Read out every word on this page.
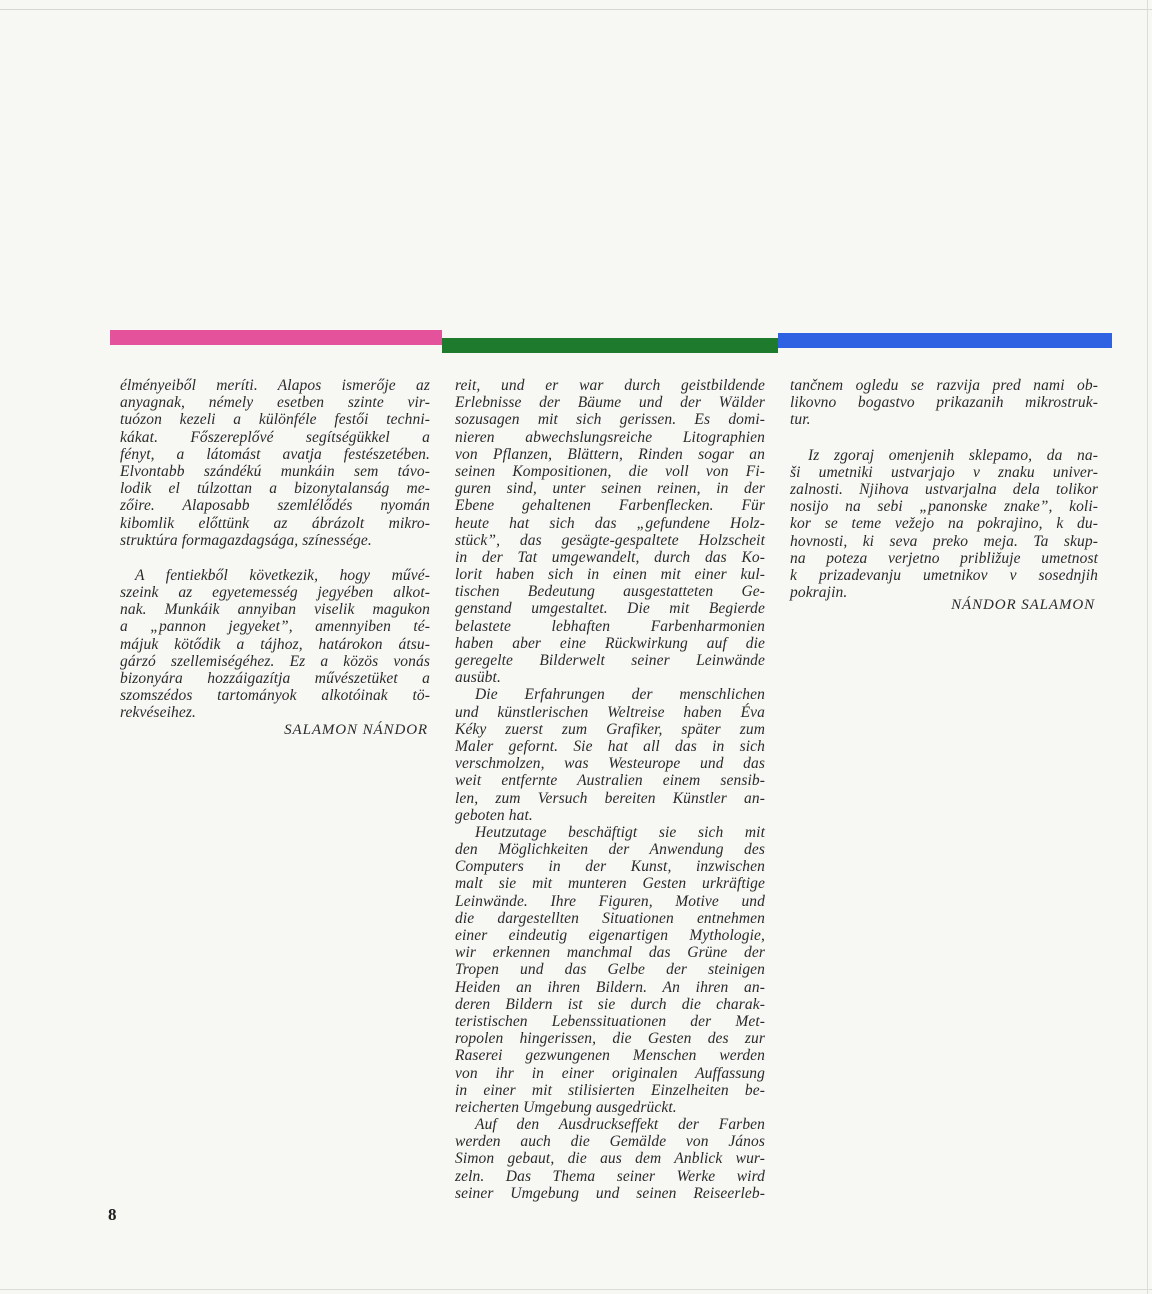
élményeiből meríti. Alapos ismerője az
anyagnak, némely esetben szinte vir-
tuózon kezeli a különféle festői techni-
kákat. Főszereplővé segítségükkel a
fényt, a látomást avatja festészetében.
Elvontabb szándékú munkáin sem távo-
lodik el túlzottan a bizonytalanság me-
zőire. Alaposabb szemlélődés nyomán
kibomlik előttünk az ábrázolt mikro-
struktúra formagazdagsága, színessége.
A fentiekből következik, hogy művé-
szeink az egyetemesség jegyében alkot-
nak. Munkáik annyiban viselik magukon
a „pannon jegyeket”, amennyiben té-
májuk kötődik a tájhoz, határokon átsu-
gárzó szellemiségéhez. Ez a közös vonás
bizonyára hozzáigazítja művészetüket a
szomszédos tartományok alkotóinak tö-
rekvéseihez.
SALAMON NÁNDOR
reit, und er war durch geistbildende
Erlebnisse der Bäume und der Wälder
sozusagen mit sich gerissen. Es domi-
nieren abwechslungsreiche Litographien
von Pflanzen, Blättern, Rinden sogar an
seinen Kompositionen, die voll von Fi-
guren sind, unter seinen reinen, in der
Ebene gehaltenen Farbenflecken. Für
heute hat sich das „gefundene Holz-
stück”, das gesägte-gespaltete Holzscheit
in der Tat umgewandelt, durch das Ko-
lorit haben sich in einen mit einer kul-
tischen Bedeutung ausgestatteten Ge-
genstand umgestaltet. Die mit Begierde
belastete lebhaften Farbenharmonien
haben aber eine Rückwirkung auf die
geregelte Bilderwelt seiner Leinwände
ausübt.
Die Erfahrungen der menschlichen
und künstlerischen Weltreise haben Éva
Kéky zuerst zum Grafiker, später zum
Maler gefornt. Sie hat all das in sich
verschmolzen, was Westeurope und das
weit entfernte Australien einem sensib-
len, zum Versuch bereiten Künstler an-
geboten hat.
Heutzutage beschäftigt sie sich mit
den Möglichkeiten der Anwendung des
Computers in der Kunst, inzwischen
malt sie mit munteren Gesten urkräftige
Leinwände. Ihre Figuren, Motive und
die dargestellten Situationen entnehmen
einer eindeutig eigenartigen Mythologie,
wir erkennen manchmal das Grüne der
Tropen und das Gelbe der steinigen
Heiden an ihren Bildern. An ihren an-
deren Bildern ist sie durch die charak-
teristischen Lebenssituationen der Met-
ropolen hingerissen, die Gesten des zur
Raserei gezwungenen Menschen werden
von ihr in einer originalen Auffassung
in einer mit stilisierten Einzelheiten be-
reicherten Umgebung ausgedrückt.
Auf den Ausdruckseffekt der Farben
werden auch die Gemälde von János
Simon gebaut, die aus dem Anblick wur-
zeln. Das Thema seiner Werke wird
seiner Umgebung und seinen Reiseerleb-
tančnem ogledu se razvija pred nami ob-
likovno bogastvo prikazanih mikrostruk-
tur.
Iz zgoraj omenjenih sklepamo, da na-
ši umetniki ustvarjajo v znaku univer-
zalnosti. Njihova ustvarjalna dela tolikor
nosijo na sebi „panonske znake”, koli-
kor se teme vežejo na pokrajino, k du-
hovnosti, ki seva preko meja. Ta skup-
na poteza verjetno približuje umetnost
k prizadevanju umetnikov v sosednjih
pokrajin.
NÁNDOR SALAMON
8
